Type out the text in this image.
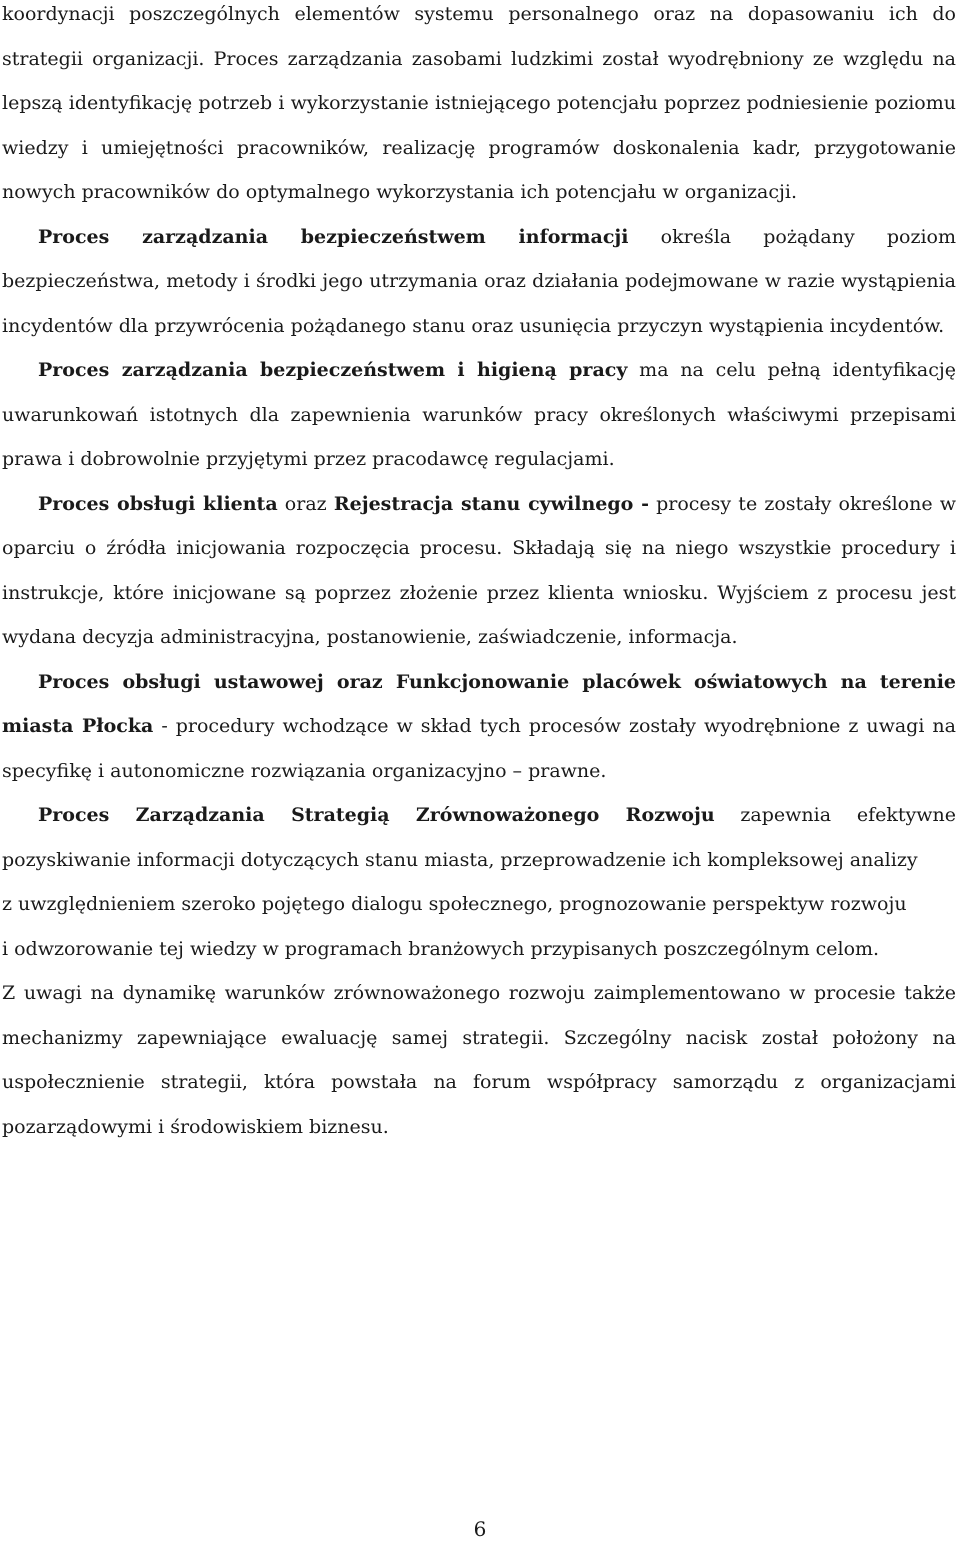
koordynacji poszczególnych elementów systemu personalnego oraz na dopasowaniu ich do strategii organizacji. Proces zarządzania zasobami ludzkimi został wyodrębniony ze względu na lepszą identyfikację potrzeb i wykorzystanie istniejącego potencjału poprzez podniesienie poziomu wiedzy i umiejętności pracowników, realizację programów doskonalenia kadr, przygotowanie nowych pracowników do optymalnego wykorzystania ich potencjału w organizacji.

Proces zarządzania bezpieczeństwem informacji określa pożądany poziom bezpieczeństwa, metody i środki jego utrzymania oraz działania podejmowane w razie wystąpienia incydentów dla przywrócenia pożądanego stanu oraz usunięcia przyczyn wystąpienia incydentów.

Proces zarządzania bezpieczeństwem i higieną pracy ma na celu pełną identyfikację uwarunkowań istotnych dla zapewnienia warunków pracy określonych właściwymi przepisami prawa i dobrowolnie przyjętymi przez pracodawcę regulacjami.

Proces obsługi klienta oraz Rejestracja stanu cywilnego - procesy te zostały określone w oparciu o źródła inicjowania rozpoczęcia procesu. Składają się na niego wszystkie procedury i instrukcje, które inicjowane są poprzez złożenie przez klienta wniosku. Wyjściem z procesu jest wydana decyzja administracyjna, postanowienie, zaświadczenie, informacja.

Proces obsługi ustawowej oraz Funkcjonowanie placówek oświatowych na terenie miasta Płocka - procedury wchodzące w skład tych procesów zostały wyodrębnione z uwagi na specyfikę i autonomiczne rozwiązania organizacyjno – prawne.

Proces Zarządzania Strategią Zrównoważonego Rozwoju zapewnia efektywne pozyskiwanie informacji dotyczących stanu miasta, przeprowadzenie ich kompleksowej analizy

z uwzględnieniem szeroko pojętego dialogu społecznego, prognozowanie perspektyw rozwoju

i odwzorowanie tej wiedzy w programach branżowych przypisanych poszczególnym celom.

Z uwagi na dynamikę warunków zrównoważonego rozwoju zaimplementowano w procesie także mechanizmy zapewniające ewaluację samej strategii. Szczególny nacisk został położony na uspołecznienie strategii, która powstała na forum współpracy samorządu z organizacjami pozarządowymi i środowiskiem biznesu.

6
